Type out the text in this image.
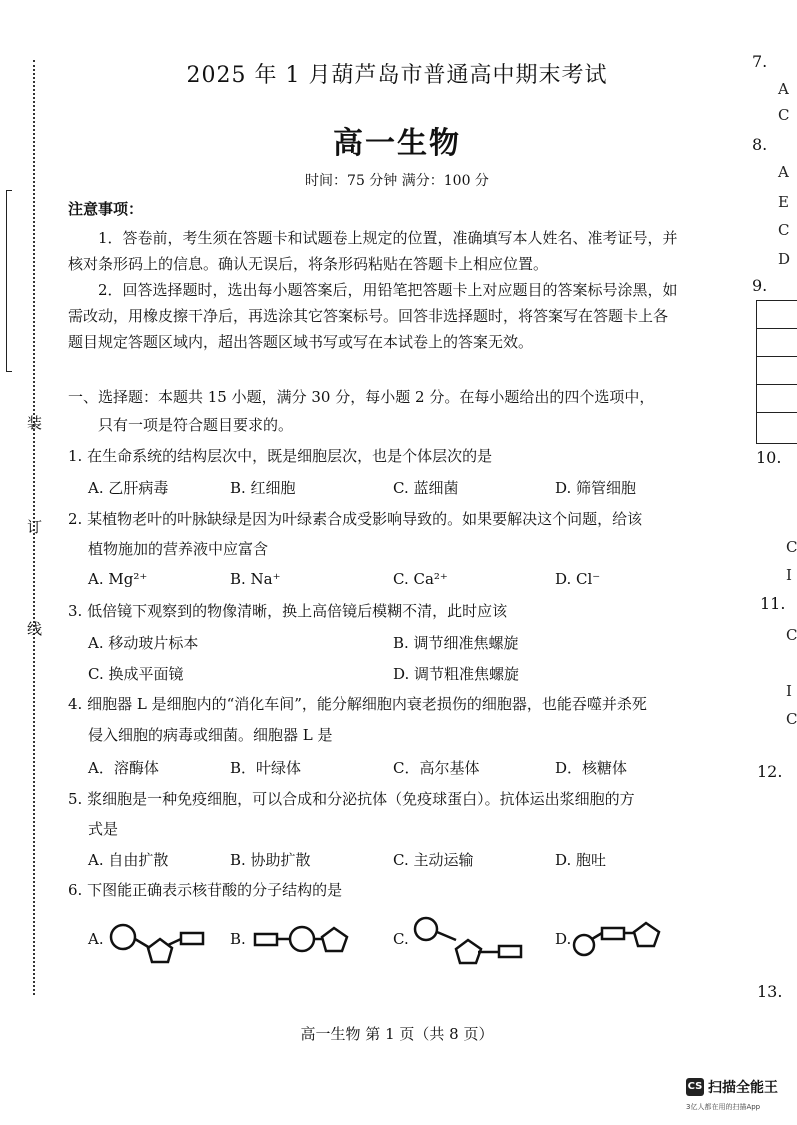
装
订
线
2025 年 1 月葫芦岛市普通高中期末考试
高一生物
时间：75 分钟 满分：100 分
注意事项：
1．答卷前，考生须在答题卡和试题卷上规定的位置，准确填写本人姓名、准考证号，并核对条形码上的信息。确认无误后，将条形码粘贴在答题卡上相应位置。
2．回答选择题时，选出每小题答案后，用铅笔把答题卡上对应题目的答案标号涂黑，如需改动，用橡皮擦干净后，再选涂其它答案标号。回答非选择题时，将答案写在答题卡上各题目规定答题区域内，超出答题区域书写或写在本试卷上的答案无效。
一、选择题：本题共 15 小题，满分 30 分，每小题 2 分。在每小题给出的四个选项中，
只有一项是符合题目要求的。
1. 在生命系统的结构层次中，既是细胞层次，也是个体层次的是
A. 乙肝病毒	B. 红细胞	C. 蓝细菌	D. 筛管细胞
2. 某植物老叶的叶脉缺绿是因为叶绿素合成受影响导致的。如果要解决这个问题，给该
植物施加的营养液中应富含
A. Mg²⁺	B. Na⁺	C. Ca²⁺	D. Cl⁻
3. 低倍镜下观察到的物像清晰，换上高倍镜后模糊不清，此时应该
A. 移动玻片标本	B. 调节细准焦螺旋
C. 换成平面镜	D. 调节粗准焦螺旋
4. 细胞器 L 是细胞内的“消化车间”，能分解细胞内衰老损伤的细胞器，也能吞噬并杀死
侵入细胞的病毒或细菌。细胞器 L 是
A．溶酶体	B．叶绿体	C．高尔基体	D．核糖体
5. 浆细胞是一种免疫细胞，可以合成和分泌抗体（免疫球蛋白）。抗体运出浆细胞的方
式是
A. 自由扩散	B. 协助扩散	C. 主动运输	D. 胞吐
6. 下图能正确表示核苷酸的分子结构的是
A.	B.	C.	D.
高一生物 第 1 页（共 8 页）
7.
A
C
8.
A
E
C
D
9.
10.
C
I
11.
C
I
C
12.
13.
CS 扫描全能王
3亿人都在用的扫描App
